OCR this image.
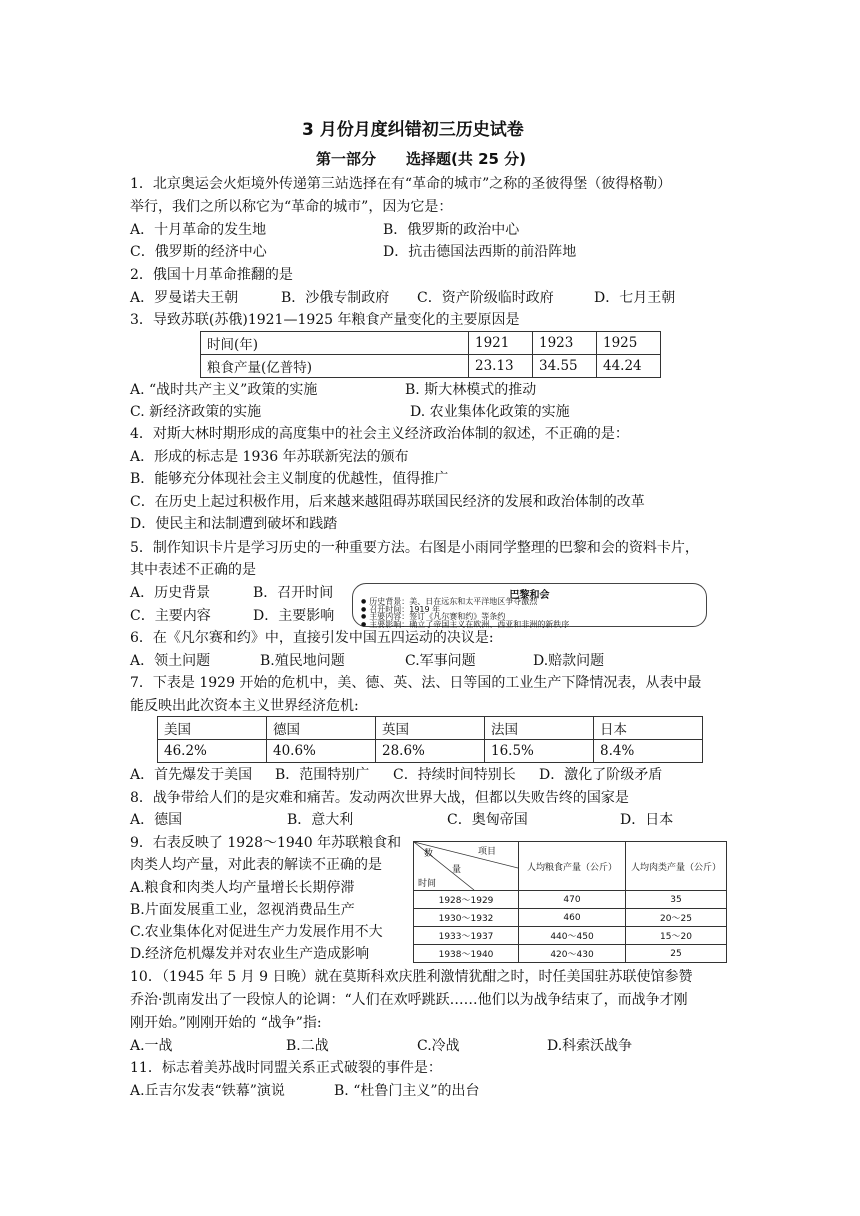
3 月份月度纠错初三历史试卷
第一部分　　选择题(共 25 分)
1．北京奥运会火炬境外传递第三站选择在有“革命的城市”之称的圣彼得堡（彼得格勒）
举行，我们之所以称它为“革命的城市”，因为它是：
A．十月革命的发生地	B．俄罗斯的政治中心
C．俄罗斯的经济中心	D．抗击德国法西斯的前沿阵地
2．俄国十月革命推翻的是
A．罗曼诺夫王朝	B．沙俄专制政府 C．资产阶级临时政府	D．七月王朝
3．导致苏联(苏俄)1921—1925 年粮食产量变化的主要原因是
时间(年)	1921	1923	1925
粮食产量(亿普特)	23.13	34.55	44.24
A. “战时共产主义”政策的实施	B. 斯大林模式的推动
C. 新经济政策的实施	D. 农业集体化政策的实施
4．对斯大林时期形成的高度集中的社会主义经济政治体制的叙述，不正确的是：
A．形成的标志是 1936 年苏联新宪法的颁布
B．能够充分体现社会主义制度的优越性，值得推广
C．在历史上起过积极作用，后来越来越阻碍苏联国民经济的发展和政治体制的改革
D．使民主和法制遭到破坏和践踏
5．制作知识卡片是学习历史的一种重要方法。右图是小雨同学整理的巴黎和会的资料卡片，
其中表述不正确的是
A．历史背景	B．召开时间
C．主要内容	D．主要影响
巴黎和会
● 历史背景：美、日在远东和太平洋地区争夺激烈
● 召开时间：1919 年
● 主要内容：签订《凡尔赛和约》等条约
● 主要影响：确立了帝国主义在欧洲、西亚和非洲的新秩序
6．在《凡尔赛和约》中，直接引发中国五四运动的决议是:
A．领土问题	B.殖民地问题	C.军事问题	D.赔款问题
7．下表是 1929 开始的危机中，美、德、英、法、日等国的工业生产下降情况表，从表中最
能反映出此次资本主义世界经济危机:
美国	德国	英国	法国	日本
46.2%	40.6%	28.6%	16.5%	8.4%
A．首先爆发于美国 B．范围特别广 C．持续时间特别长 D．激化了阶级矛盾
8．战争带给人们的是灾难和痛苦。发动两次世界大战，但都以失败告终的国家是
A．德国	B．意大利	C．奥匈帝国	D．日本
9．右表反映了 1928～1940 年苏联粮食和
肉类人均产量，对此表的解读不正确的是
A.粮食和肉类人均产量增长长期停滞
B.片面发展重工业，忽视消费品生产
C.农业集体化对促进生产力发展作用不大
D.经济危机爆发并对农业生产造成影响
项目
数
量
时间	人均粮食产量（公斤）	人均肉类产量（公斤）
1928～1929	470	35
1930～1932	460	20～25
1933～1937	440～450	15～20
1938～1940	420～430	25
10．（1945 年 5 月 9 日晚）就在莫斯科欢庆胜利激情犹酣之时，时任美国驻苏联使馆参赞
乔治·凯南发出了一段惊人的论调：“人们在欢呼跳跃……他们以为战争结束了，而战争才刚
刚开始。”刚刚开始的 “战争”指:
A.一战	B.二战	C.冷战	D.科索沃战争
11．标志着美苏战时同盟关系正式破裂的事件是：
A.丘吉尔发表“铁幕”演说	B. “杜鲁门主义”的出台
